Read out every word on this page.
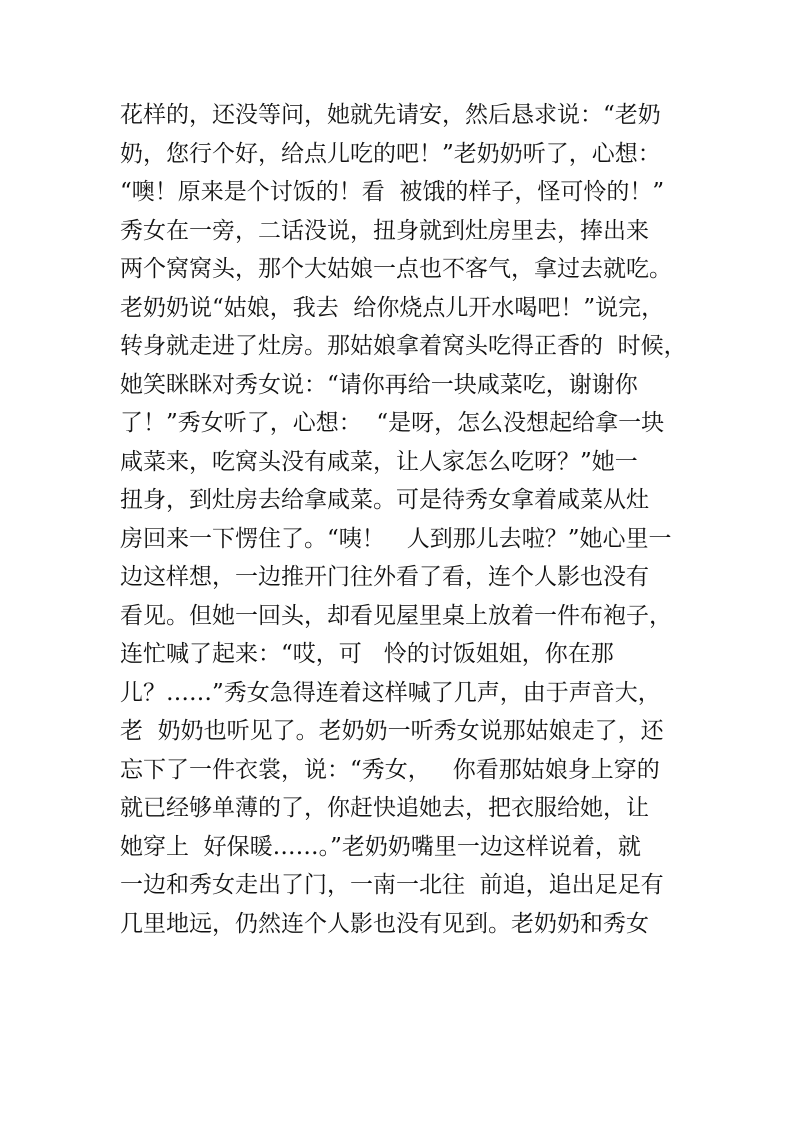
花样的，还没等问，她就先请安，然后恳求说：“老奶
奶，您行个好，给点儿吃的吧！”老奶奶听了，心想：
“噢！原来是个讨饭的！看  被饿的样子，怪可怜的！”
秀女在一旁，二话没说，扭身就到灶房里去，捧出来
两个窝窝头，那个大姑娘一点也不客气，拿过去就吃。
老奶奶说“姑娘，我去  给你烧点儿开水喝吧！”说完，
转身就走进了灶房。那姑娘拿着窝头吃得正香的  时候，
她笑眯眯对秀女说：“请你再给一块咸菜吃，谢谢你
了！”秀女听了，心想：  “是呀，怎么没想起给拿一块
咸菜来，吃窝头没有咸菜，让人家怎么吃呀？”她一
扭身，到灶房去给拿咸菜。可是待秀女拿着咸菜从灶
房回来一下愣住了。“咦！   人到那儿去啦？”她心里一
边这样想，一边推开门往外看了看，连个人影也没有
看见。但她一回头，却看见屋里桌上放着一件布袍子，
连忙喊了起来：“哎，可   怜的讨饭姐姐，你在那
儿？……”秀女急得连着这样喊了几声，由于声音大，
老  奶奶也听见了。老奶奶一听秀女说那姑娘走了，还
忘下了一件衣裳，说：“秀女，   你看那姑娘身上穿的
就已经够单薄的了，你赶快追她去，把衣服给她，让
她穿上  好保暖……。”老奶奶嘴里一边这样说着，就
一边和秀女走出了门，一南一北往  前追，追出足足有
几里地远，仍然连个人影也没有见到。老奶奶和秀女
